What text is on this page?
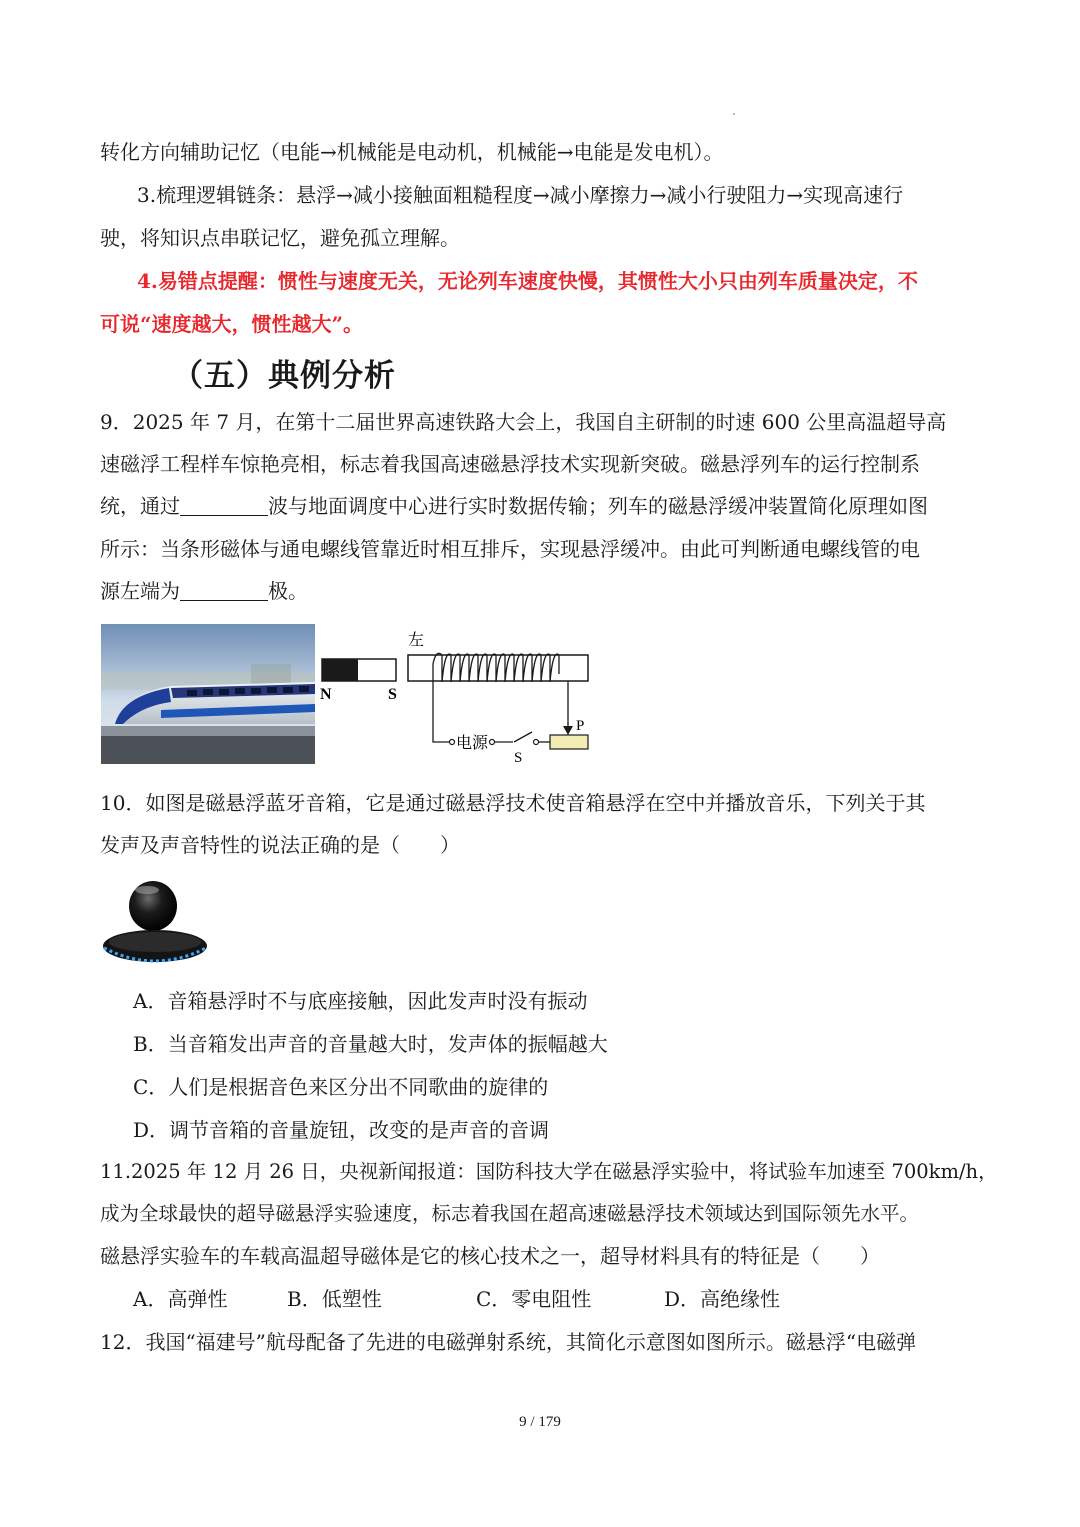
转化方向辅助记忆（电能→机械能是电动机，机械能→电能是发电机）。
3.梳理逻辑链条：悬浮→减小接触面粗糙程度→减小摩擦力→减小行驶阻力→实现高速行
驶，将知识点串联记忆，避免孤立理解。
4.易错点提醒：惯性与速度无关，无论列车速度快慢，其惯性大小只由列车质量决定，不
可说“速度越大，惯性越大”。
（五）典例分析
9．2025 年 7 月，在第十二届世界高速铁路大会上，我国自主研制的时速 600 公里高温超导高
速磁浮工程样车惊艳亮相，标志着我国高速磁悬浮技术实现新突破。磁悬浮列车的运行控制系
统，通过	波与地面调度中心进行实时数据传输；列车的磁悬浮缓冲装置简化原理如图
所示：当条形磁体与通电螺线管靠近时相互排斥，实现悬浮缓冲。由此可判断通电螺线管的电
源左端为	极。
N	S
左
电源
S
P
10．如图是磁悬浮蓝牙音箱，它是通过磁悬浮技术使音箱悬浮在空中并播放音乐，下列关于其
发声及声音特性的说法正确的是（　　）
A．音箱悬浮时不与底座接触，因此发声时没有振动
B．当音箱发出声音的音量越大时，发声体的振幅越大
C．人们是根据音色来区分出不同歌曲的旋律的
D．调节音箱的音量旋钮，改变的是声音的音调
11.2025 年 12 月 26 日，央视新闻报道：国防科技大学在磁悬浮实验中，将试验车加速至 700km/h，
成为全球最快的超导磁悬浮实验速度，标志着我国在超高速磁悬浮技术领域达到国际领先水平。
磁悬浮实验车的车载高温超导磁体是它的核心技术之一，超导材料具有的特征是（　　）
A．高弹性	B．低塑性	C．零电阻性	D．高绝缘性
12．我国“福建号”航母配备了先进的电磁弹射系统，其简化示意图如图所示。磁悬浮“电磁弹
9 / 179
